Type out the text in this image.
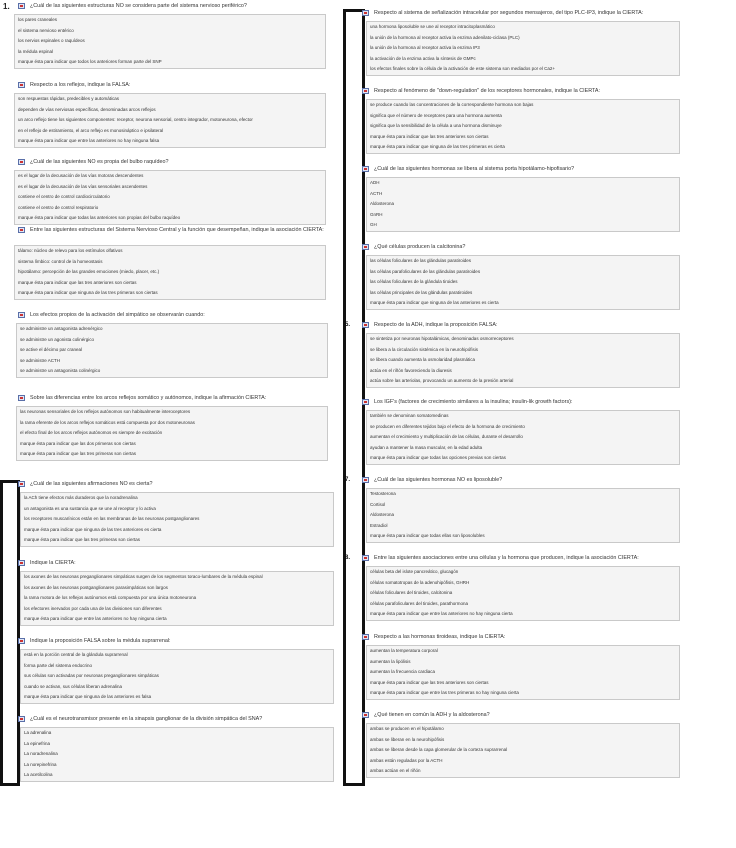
1.	¿Cuál de las siguientes estructuras NO se considera parte del sistema nervioso periférico?
los pares craneales
el sistema nervioso entérico
los nervios espinales o raquídeos
la médula espinal
marque ésta para indicar que todos los anteriores forman parte del SNP
Respecto a los reflejos, indique la FALSA:
son respuestas rápidas, predecibles y automáticas
dependen de vías nerviosas específicas, denominadas arcos reflejos
un arco reflejo tiene los siguientes componentes: receptor, neurona sensorial, centro integrador, motoneurona, efector
en el reflejo de estiramiento, el arco reflejo es monosináptico e ipsilateral
marque ésta para indicar que entre las anteriores no hay ninguna falsa
¿Cuál de las siguientes NO es propia del bulbo raquídeo?
es el lugar de la decusación de las vías motoras descendentes
es el lugar de la decusación de las vías sensoriales ascendentes
contiene el centro de control cardiocirculatorio
contiene el centro de control respiratorio
marque ésta para indicar que todas las anteriores son propias del bulbo raquídeo
Entre las siguientes estructuras del Sistema Nervioso Central y la función que desempeñan, indique la asociación CIERTA:
tálamo: núcleo de relevo para los estímulos olfativos
sistema límbico: control de la homeostasis
hipotálamo: percepción de las grandes emociones (miedo, placer, etc.)
marque ésta para indicar que las tres anteriores son ciertas
marque ésta para indicar que ninguna de las tres primeras son ciertas
Los efectos propios de la activación del simpático se observarán cuando:
se administre un antagonista adrenérgico
se administre un agonista colinérgico
se active el décimo par craneal
se administre ACTH
se administre un antagonista colinérgico
Sobre las diferencias entre los arcos reflejos somático y autónomos, indique la afirmación CIERTA:
las neuronas sensoriales de los reflejos autónomos son habitualmente interoceptores
la rama eferente de los arcos reflejos somáticos está compuesta por dos motoneuronas
el efecto final de los arcos reflejos autónomos es siempre de excitación
marque ésta para indicar que las dos primeras son ciertas
marque ésta para indicar que las tres primeras son ciertas
¿Cuál de las siguientes afirmaciones NO es cierta?
la ACh tiene efectos más duraderos que la noradrenalina
un antagonista es una sustancia que se une al receptor y lo activa
los receptores muscarínicos están en las membranas de las neuronas postganglionares
marque ésta para indicar que ninguna de las tres anteriores es cierta
marque ésta para indicar que las tres primeras son ciertas
Indique la CIERTA:
los axones de las neuronas preganglionares simpáticas surgen de los segmentos toraco-lumbares de la médula espinal
los axones de las neuronas postganglionares parasimpáticas son largos
la rama motora de los reflejos autónomos está compuesta por una única motoneurona
los efectores inervados por cada una de las divisiones son diferentes
marque ésta para indicar que entre las anteriores no hay ninguna cierta
Indique la proposición FALSA sobre la médula suprarrenal:
está en la porción central de la glándula suprarrenal
forma parte del sistema endocrino
sus células son activadas por neuronas preganglionares simpáticas
cuando se activan, sus células liberan adrenalina
marque ésta para indicar que ninguna de las anteriores es falsa
¿Cuál es el neurotransmisor presente en la sinapsis ganglionar de la división simpática del SNA?
La adrenalina
La epinefrina
La noradrenalina
La norepinefrina
La acetilcolina
Respecto al sistema de señalización intracelular por segundos mensajeros, del tipo PLC-IP3, indique la CIERTA:
una hormona liposoluble se une al receptor intracitoplasmático
la unión de la hormona al receptor activa la enzima adenilato-ciclasa (PLC)
la unión de la hormona al receptor activa la enzima IP3
la activación de la enzima activa la síntesis de GMPc
los efectos finales sobre la célula de la activación de este sistema son mediados por el Ca2+
Respecto al fenómeno de "down-regulation" de los receptores hormonales, indique la CIERTA:
se produce cuando las concentraciones de la correspondiente hormona son bajas
significa que el número de receptores para una hormona aumenta
significa que la sensibilidad de la célula a una hormona disminuye
marque ésta para indicar que las tres anteriores son ciertas
marque ésta para indicar que ninguna de las tres primeras es cierta
¿Cuál de las siguientes hormonas se libera al sistema porta hipotálamo-hipofisario?
ADH
ACTH
Aldosterona
GnRH
GH
¿Qué células producen la calcitonina?
las células foliculares de las glándulas paratiroides
las células parafoliculares de las glándulas paratiroides
las células foliculares de la glándula tiroides
las células principales de las glándulas paratiroides
marque ésta para indicar que ninguna de las anteriores es cierta
5.	Respecto de la ADH, indique la proposición FALSA:
se sintetiza por neuronas hipotalámicas, denominadas osmorreceptores
se libera a la circulación sistémica en la neurohipófisis
se libera cuando aumenta la osmolaridad plasmática
actúa en el riñón favoreciendo la diuresis
actúa sobre las arteriolas, provocando un aumento de la presión arterial
Los IGF's (factores de crecimiento similares a la insulina; insulin-lik growth factors):
también se denominan somatomedinas
se producen en diferentes tejidos bajo el efecto de la hormona de crecimiento
aumentan el crecimiento y multiplicación de las células, durante el desarrollo
ayudan a mantener la masa muscular, en la edad adulta
marque ésta para indicar que todas las opciones previas son ciertas
7.	¿Cuál de las siguientes hormonas NO es liposoluble?
Testosterona
Cortisol
Aldosterona
Estradiol
marque ésta para indicar que todas ellas son liposolubles
8.	Entre las siguientes asociaciones entre una células y la hormona que producen, indique la asociación CIERTA:
células beta del islote pancreático, glucagón
células somatotropas de la adenohipófisis, GHRH
células foliculares del tiroides, calcitonina
células parafoliculares del tiroides, parathormona
marque ésta para indicar que entre las anteriores no hay ninguna cierta
Respecto a las hormonas tiroideas, indique la CIERTA:
aumentan la temperatura corporal
aumentan la lipólisis
aumentan la frecuencia cardiaca
marque ésta para indicar que las tres anteriores son ciertas
marque ésta para indicar que entre las tres primeras no hay ninguna cierta
¿Qué tienen en común la ADH y la aldosterona?
ambas se producen en el hipotálamo
ambas se liberan en la neurohipófisis
ambas se liberan desde la capa glomerular de la corteza suprarrenal
ambas están reguladas por la ACTH
ambas actúan en el riñón
